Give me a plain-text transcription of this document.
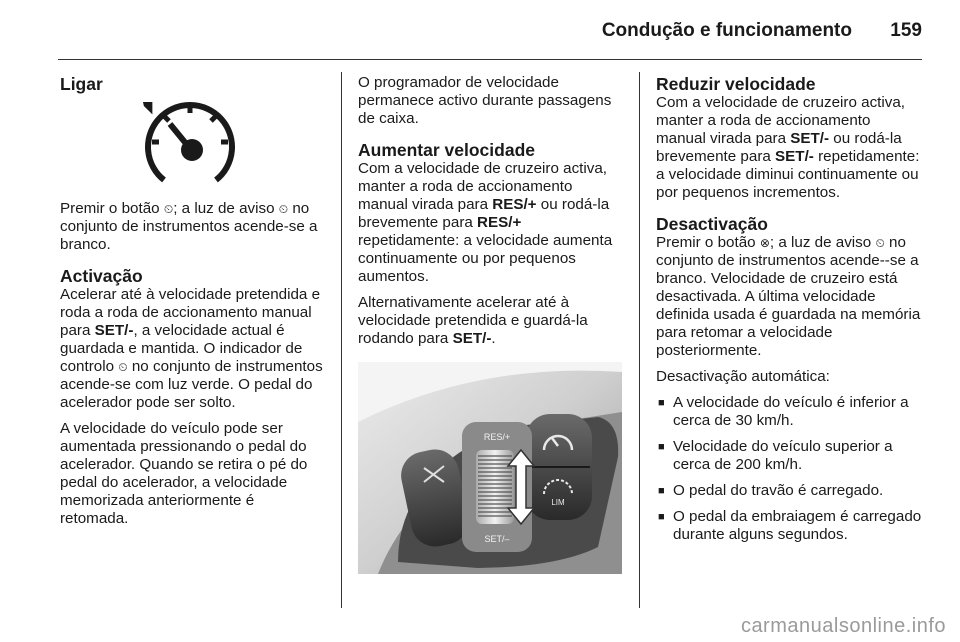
Condução e funcionamento 159
Ligar

Premir o botão ⏲; a luz de aviso ⏲ no conjunto de instrumentos acende-se a branco.

Activação

Acelerar até à velocidade pretendida e roda a roda de accionamento manual para SET/-, a velocidade actual é guardada e mantida. O indicador de controlo ⏲ no conjunto de instrumentos acende-se com luz verde. O pedal do acelerador pode ser solto.

A velocidade do veículo pode ser aumentada pressionando o pedal do acelerador. Quando se retira o pé do pedal do acelerador, a velocidade memorizada anteriormente é retomada.

O programador de velocidade permanece activo durante passagens de caixa.

Aumentar velocidade

Com a velocidade de cruzeiro activa, manter a roda de accionamento manual virada para RES/+ ou rodá-la brevemente para RES/+ repetidamente: a velocidade aumenta continuamente ou por pequenos aumentos.

Alternativamente acelerar até à velocidade pretendida e guardá-la rodando para SET/-.

LIM
RES/+
SET/–
Reduzir velocidade

Com a velocidade de cruzeiro activa, manter a roda de accionamento manual virada para SET/- ou rodá-la brevemente para SET/- repetidamente: a velocidade diminui continuamente ou por pequenos incrementos.

Desactivação

Premir o botão ⊗; a luz de aviso ⏲ no conjunto de instrumentos acende--se a branco. Velocidade de cruzeiro está desactivada. A última velocidade definida usada é guardada na memória para retomar a velocidade posteriormente.

Desactivação automática:

■ A velocidade do veículo é inferior a cerca de 30 km/h.
■ Velocidade do veículo superior a cerca de 200 km/h.
■ O pedal do travão é carregado.
■ O pedal da embraiagem é carregado durante alguns segundos.
carmanualsonline.info
